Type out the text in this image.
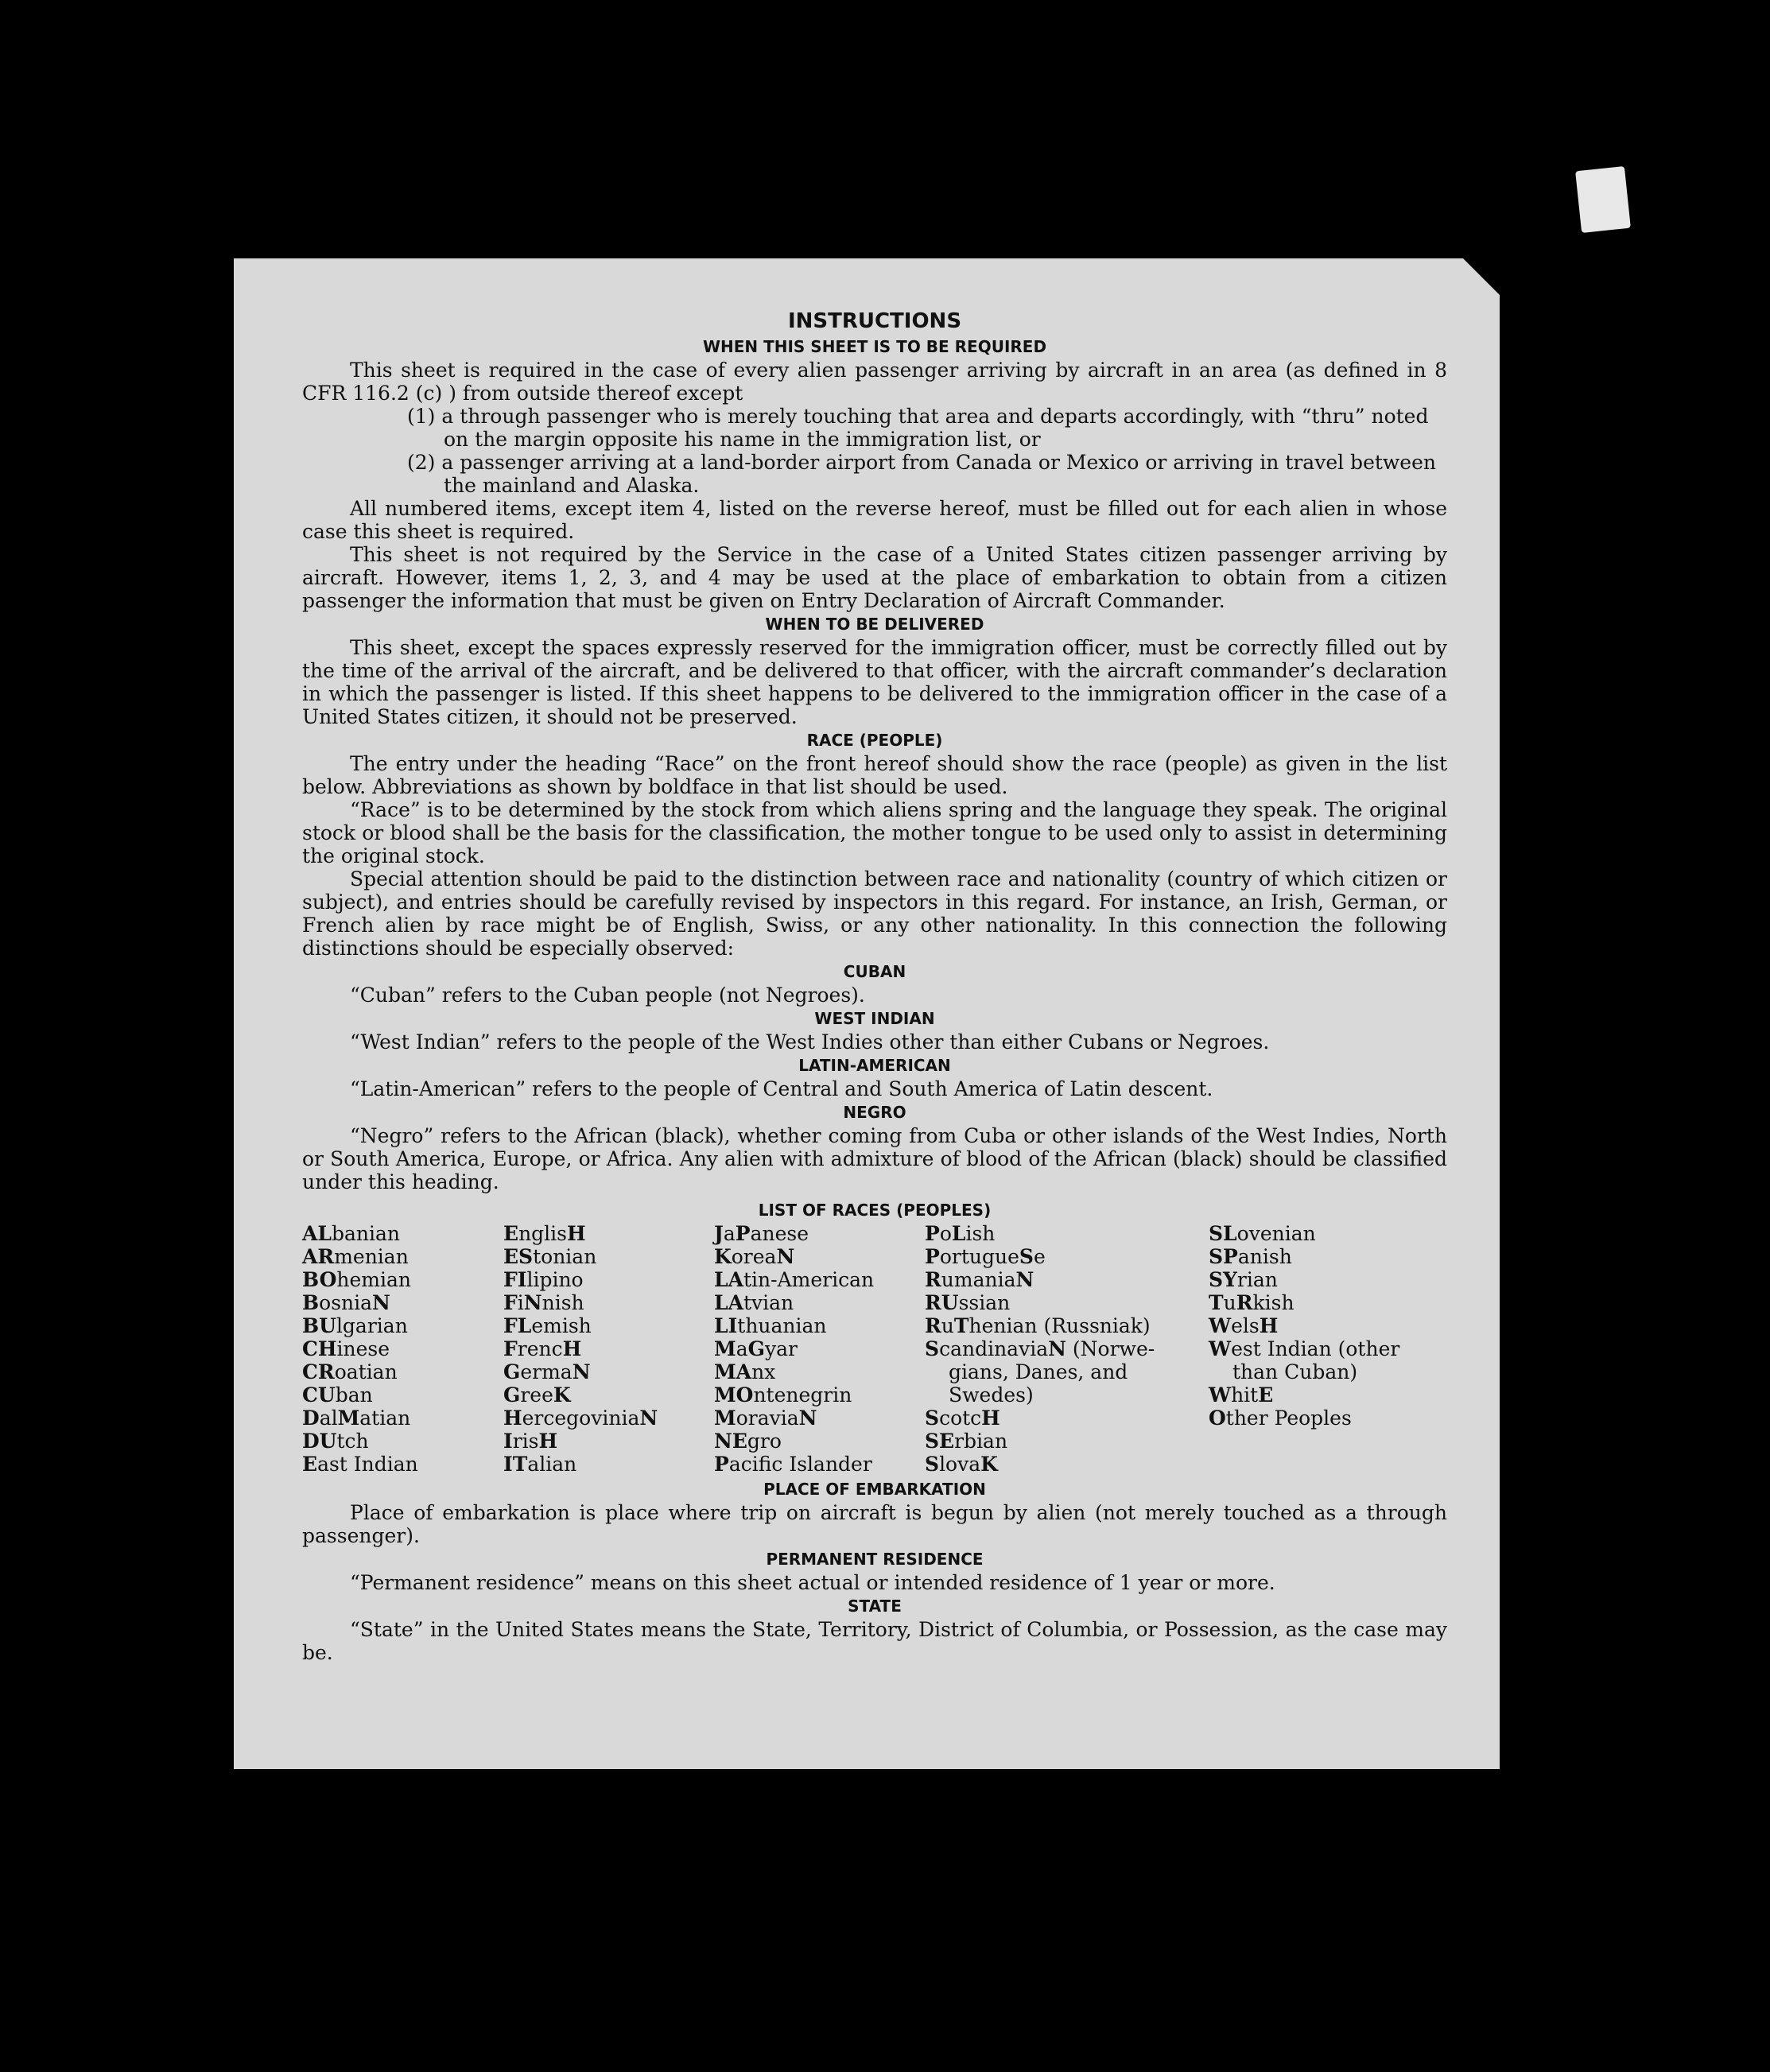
INSTRUCTIONS
WHEN THIS SHEET IS TO BE REQUIRED

This sheet is required in the case of every alien passenger arriving by aircraft in an area (as defined in 8 CFR 116.2 (c) ) from outside thereof except

(1) a through passenger who is merely touching that area and departs accordingly, with “thru” noted on the margin opposite his name in the immigration list, or

(2) a passenger arriving at a land-border airport from Canada or Mexico or arriving in travel between the mainland and Alaska.

All numbered items, except item 4, listed on the reverse hereof, must be filled out for each alien in whose case this sheet is required.

This sheet is not required by the Service in the case of a United States citizen passenger arriving by aircraft. However, items 1, 2, 3, and 4 may be used at the place of embarkation to obtain from a citizen passenger the information that must be given on Entry Declaration of Aircraft Commander.

WHEN TO BE DELIVERED

This sheet, except the spaces expressly reserved for the immigration officer, must be correctly filled out by the time of the arrival of the aircraft, and be delivered to that officer, with the aircraft commander’s declaration in which the passenger is listed. If this sheet happens to be delivered to the immigration officer in the case of a United States citizen, it should not be preserved.

RACE (PEOPLE)

The entry under the heading “Race” on the front hereof should show the race (people) as given in the list below. Abbreviations as shown by boldface in that list should be used.

“Race” is to be determined by the stock from which aliens spring and the language they speak. The original stock or blood shall be the basis for the classification, the mother tongue to be used only to assist in determining the original stock.

Special attention should be paid to the distinction between race and nationality (country of which citizen or subject), and entries should be carefully revised by inspectors in this regard. For instance, an Irish, German, or French alien by race might be of English, Swiss, or any other nationality. In this connection the following distinctions should be especially observed:

CUBAN

“Cuban” refers to the Cuban people (not Negroes).

WEST INDIAN

“West Indian” refers to the people of the West Indies other than either Cubans or Negroes.

LATIN-AMERICAN

“Latin-American” refers to the people of Central and South America of Latin descent.

NEGRO

“Negro” refers to the African (black), whether coming from Cuba or other islands of the West Indies, North or South America, Europe, or Africa. Any alien with admixture of blood of the African (black) should be classified under this heading.

LIST OF RACES (PEOPLES)
ALbanian
ARmenian
BOhemian
BosniaN
BUlgarian
CHinese
CRoatian
CUban
DalMatian
DUtch
East Indian
EnglisH
EStonian
FIlipino
FiNnish
FLemish
FrencH
GermaN
GreeK
HercegoviniaN
IrisH
ITalian
JaPanese
KoreaN
LAtin-American
LAtvian
LIthuanian
MaGyar
MAnx
MOntenegrin
MoraviaN
NEgro
Pacific Islander
PoLish
PortugueSe
RumaniaN
RUssian
RuThenian (Russniak)
ScandinaviaN (Norwe-gians, Danes, and Swedes)
ScotcH
SErbian
SlovaK
SLovenian
SPanish
SYrian
TuRkish
WelsH
West Indian (other than Cuban)
WhitE
Other Peoples
PLACE OF EMBARKATION

Place of embarkation is place where trip on aircraft is begun by alien (not merely touched as a through passenger).

PERMANENT RESIDENCE

“Permanent residence” means on this sheet actual or intended residence of 1 year or more.

STATE

“State” in the United States means the State, Territory, District of Columbia, or Possession, as the case may be.
